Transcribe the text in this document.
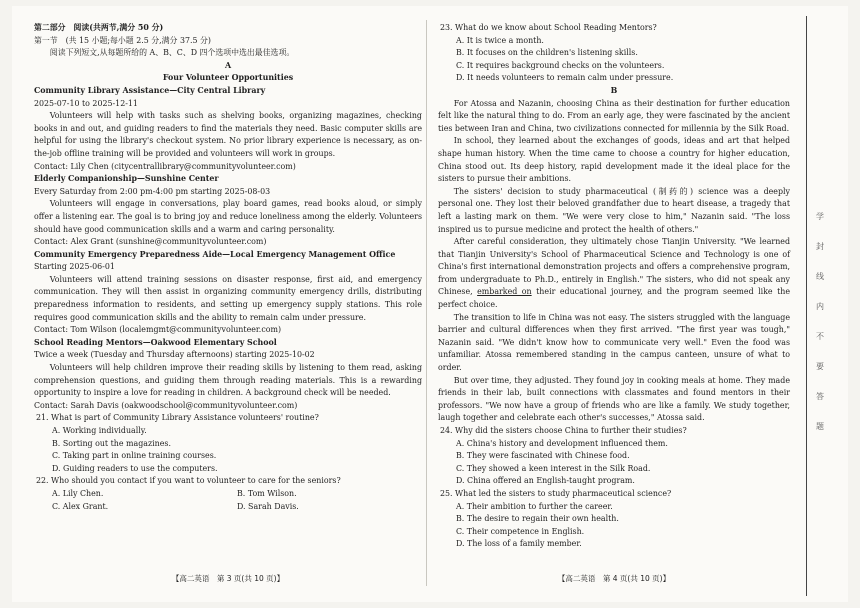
第二部分　阅读(共两节,满分 50 分)

第一节　(共 15 小题;每小题 2.5 分,满分 37.5 分)

阅读下列短文,从每题所给的 A、B、C、D 四个选项中选出最佳选项。

A

Four Volunteer Opportunities

Community Library Assistance—City Central Library

2025-07-10 to 2025-12-11

Volunteers will help with tasks such as shelving books, organizing magazines, checking books in and out, and guiding readers to find the materials they need. Basic computer skills are helpful for using the library's checkout system. No prior library experience is necessary, as on-the-job offline training will be provided and volunteers will work in groups.

Contact: Lily Chen (citycentrallibrary@communityvolunteer.com)

Elderly Companionship—Sunshine Center

Every Saturday from 2:00 pm-4:00 pm starting 2025-08-03

Volunteers will engage in conversations, play board games, read books aloud, or simply offer a listening ear. The goal is to bring joy and reduce loneliness among the elderly. Volunteers should have good communication skills and a warm and caring personality.

Contact: Alex Grant (sunshine@communityvolunteer.com)

Community Emergency Preparedness Aide—Local Emergency Management Office

Starting 2025-06-01

Volunteers will attend training sessions on disaster response, first aid, and emergency communication. They will then assist in organizing community emergency drills, distributing preparedness information to residents, and setting up emergency supply stations. This role requires good communication skills and the ability to remain calm under pressure.

Contact: Tom Wilson (localemgmt@communityvolunteer.com)

School Reading Mentors—Oakwood Elementary School

Twice a week (Tuesday and Thursday afternoons) starting 2025-10-02

Volunteers will help children improve their reading skills by listening to them read, asking comprehension questions, and guiding them through reading materials. This is a rewarding opportunity to inspire a love for reading in children. A background check will be needed.

Contact: Sarah Davis (oakwoodschool@communityvolunteer.com)

21. What is part of Community Library Assistance volunteers' routine?

A. Working individually.

B. Sorting out the magazines.

C. Taking part in online training courses.

D. Guiding readers to use the computers.

22. Who should you contact if you want to volunteer to care for the seniors?

A. Lily Chen.	B. Tom Wilson.

C. Alex Grant.	D. Sarah Davis.

【高二英语　第 3 页(共 10 页)】

23. What do we know about School Reading Mentors?

A. It is twice a month.

B. It focuses on the children's listening skills.

C. It requires background checks on the volunteers.

D. It needs volunteers to remain calm under pressure.

B

For Atossa and Nazanin, choosing China as their destination for further education felt like the natural thing to do. From an early age, they were fascinated by the ancient ties between Iran and China, two civilizations connected for millennia by the Silk Road.

In school, they learned about the exchanges of goods, ideas and art that helped shape human history. When the time came to choose a country for higher education, China stood out. Its deep history, rapid development made it the ideal place for the sisters to pursue their ambitions.

The sisters' decision to study pharmaceutical (制药的) science was a deeply personal one. They lost their beloved grandfather due to heart disease, a tragedy that left a lasting mark on them. "We were very close to him," Nazanin said. "The loss inspired us to pursue medicine and protect the health of others."

After careful consideration, they ultimately chose Tianjin University. "We learned that Tianjin University's School of Pharmaceutical Science and Technology is one of China's first international demonstration projects and offers a comprehensive program, from undergraduate to Ph.D., entirely in English." The sisters, who did not speak any Chinese, embarked on their educational journey, and the program seemed like the perfect choice.

The transition to life in China was not easy. The sisters struggled with the language barrier and cultural differences when they first arrived. "The first year was tough," Nazanin said. "We didn't know how to communicate very well." Even the food was unfamiliar. Atossa remembered standing in the campus canteen, unsure of what to order.

But over time, they adjusted. They found joy in cooking meals at home. They made friends in their lab, built connections with classmates and found mentors in their professors. "We now have a group of friends who are like a family. We study together, laugh together and celebrate each other's successes," Atossa said.

24. Why did the sisters choose China to further their studies?

A. China's history and development influenced them.

B. They were fascinated with Chinese food.

C. They showed a keen interest in the Silk Road.

D. China offered an English-taught program.

25. What led the sisters to study pharmaceutical science?

A. Their ambition to further the career.

B. The desire to regain their own health.

C. Their competence in English.

D. The loss of a family member.

【高二英语　第 4 页(共 10 页)】
学
封
线
内
不
要
答
题
